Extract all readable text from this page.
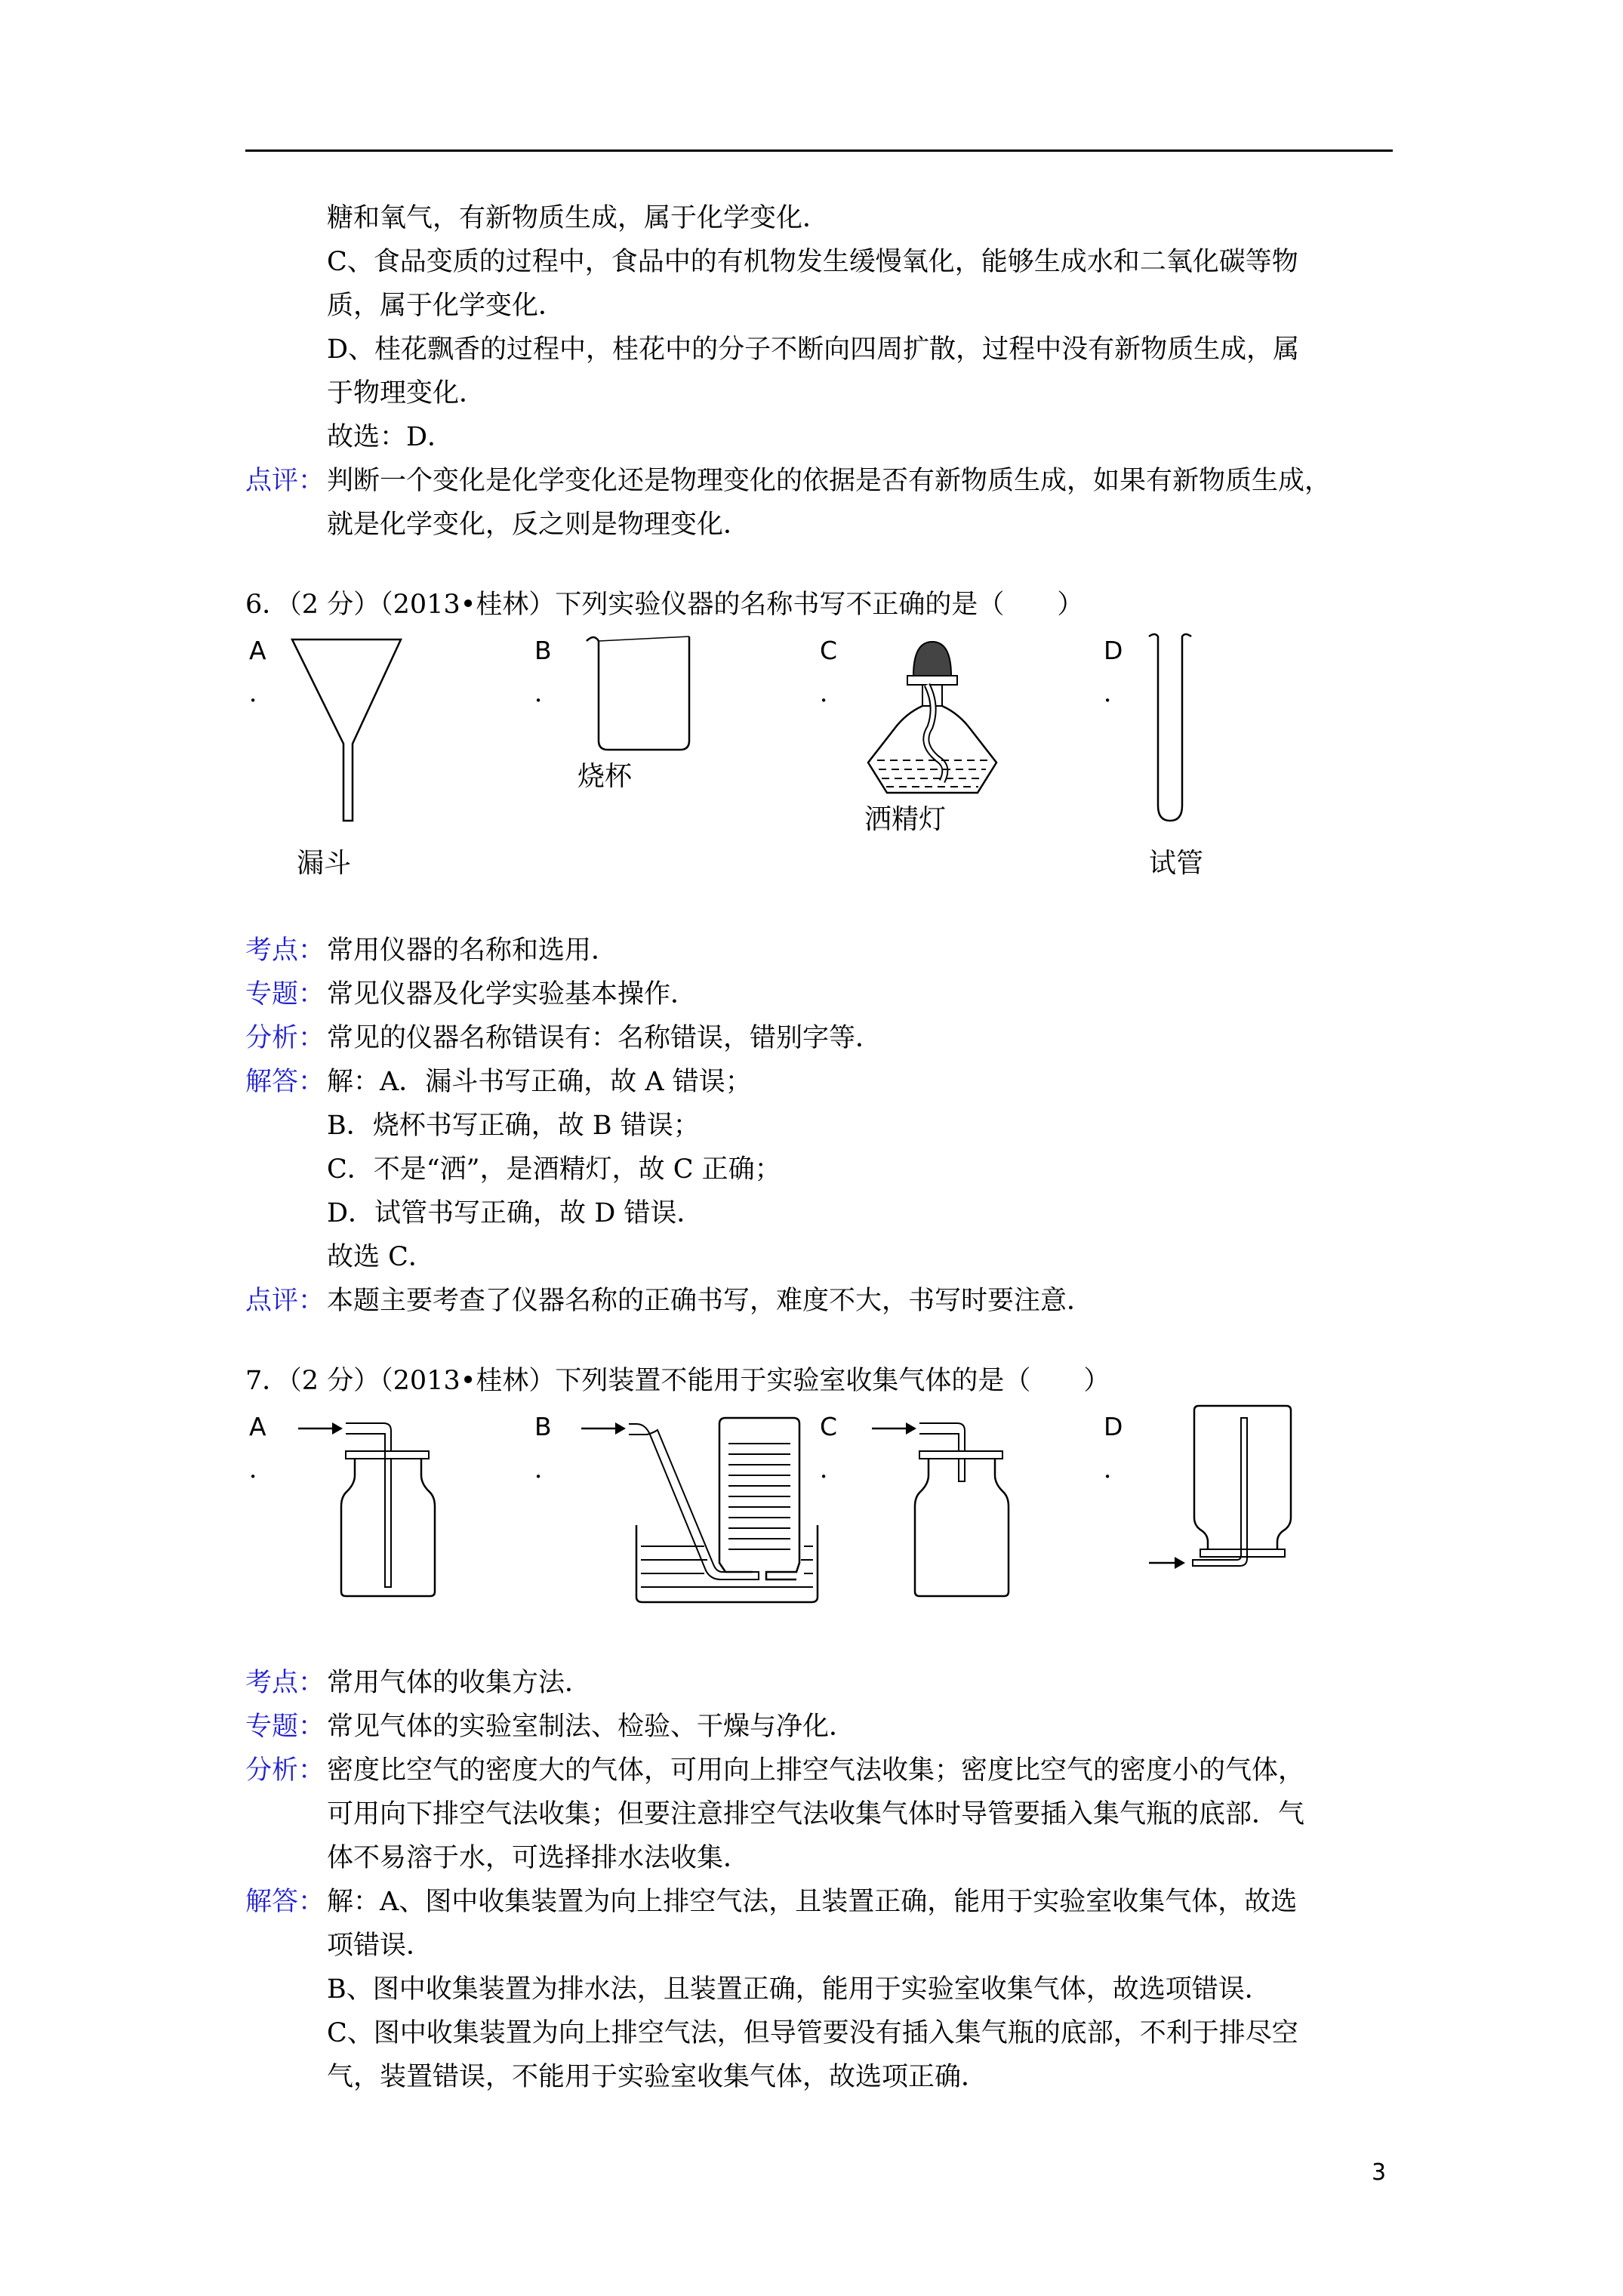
糖和氧气，有新物质生成，属于化学变化．
C、食品变质的过程中，食品中的有机物发生缓慢氧化，能够生成水和二氧化碳等物
质，属于化学变化．
D、桂花飘香的过程中，桂花中的分子不断向四周扩散，过程中没有新物质生成，属
于物理变化．
故选：D．
点评： 判断一个变化是化学变化还是物理变化的依据是否有新物质生成，如果有新物质生成，
就是化学变化，反之则是物理变化．
6．（2 分）（2013•桂林）下列实验仪器的名称书写不正确的是（　　）
A
．
B
．
C
．
D
．
漏斗
烧杯
洒精灯
试管
考点： 常用仪器的名称和选用．
专题： 常见仪器及化学实验基本操作．
分析： 常见的仪器名称错误有：名称错误，错别字等．
解答： 解：A．漏斗书写正确，故 A 错误；
B．烧杯书写正确，故 B 错误；
C．不是“洒”，是酒精灯，故 C 正确；
D．试管书写正确，故 D 错误．
故选 C．
点评： 本题主要考查了仪器名称的正确书写，难度不大，书写时要注意．
7．（2 分）（2013•桂林）下列装置不能用于实验室收集气体的是（　　）
A
．
B
．
C
．
D
．
考点： 常用气体的收集方法．
专题： 常见气体的实验室制法、检验、干燥与净化．
分析： 密度比空气的密度大的气体，可用向上排空气法收集；密度比空气的密度小的气体，
可用向下排空气法收集；但要注意排空气法收集气体时导管要插入集气瓶的底部．气
体不易溶于水，可选择排水法收集．
解答： 解：A、图中收集装置为向上排空气法，且装置正确，能用于实验室收集气体，故选
项错误．
B、图中收集装置为排水法，且装置正确，能用于实验室收集气体，故选项错误．
C、图中收集装置为向上排空气法，但导管要没有插入集气瓶的底部，不利于排尽空
气，装置错误，不能用于实验室收集气体，故选项正确．
3
